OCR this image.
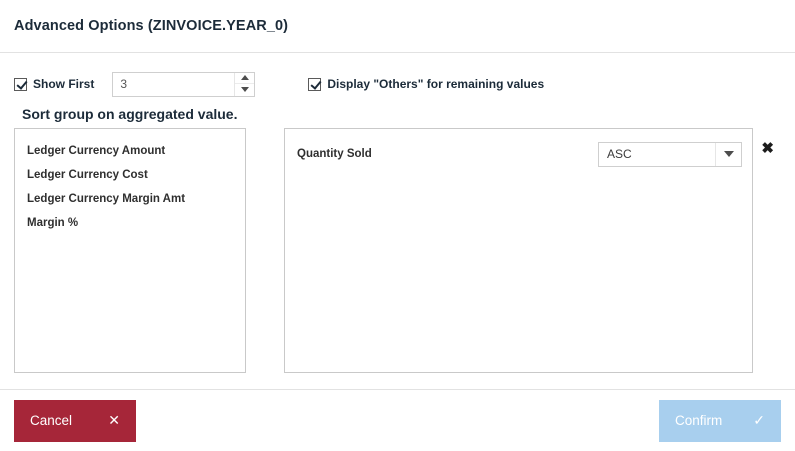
Advanced Options (ZINVOICE.YEAR_0)
Show First
3	Display "Others" for remaining values
Sort group on aggregated value.
Ledger Currency Amount
Ledger Currency Cost
Ledger Currency Margin Amt
Margin %
Quantity Sold	ASC	✖
Cancel	✕	Confirm ✓
